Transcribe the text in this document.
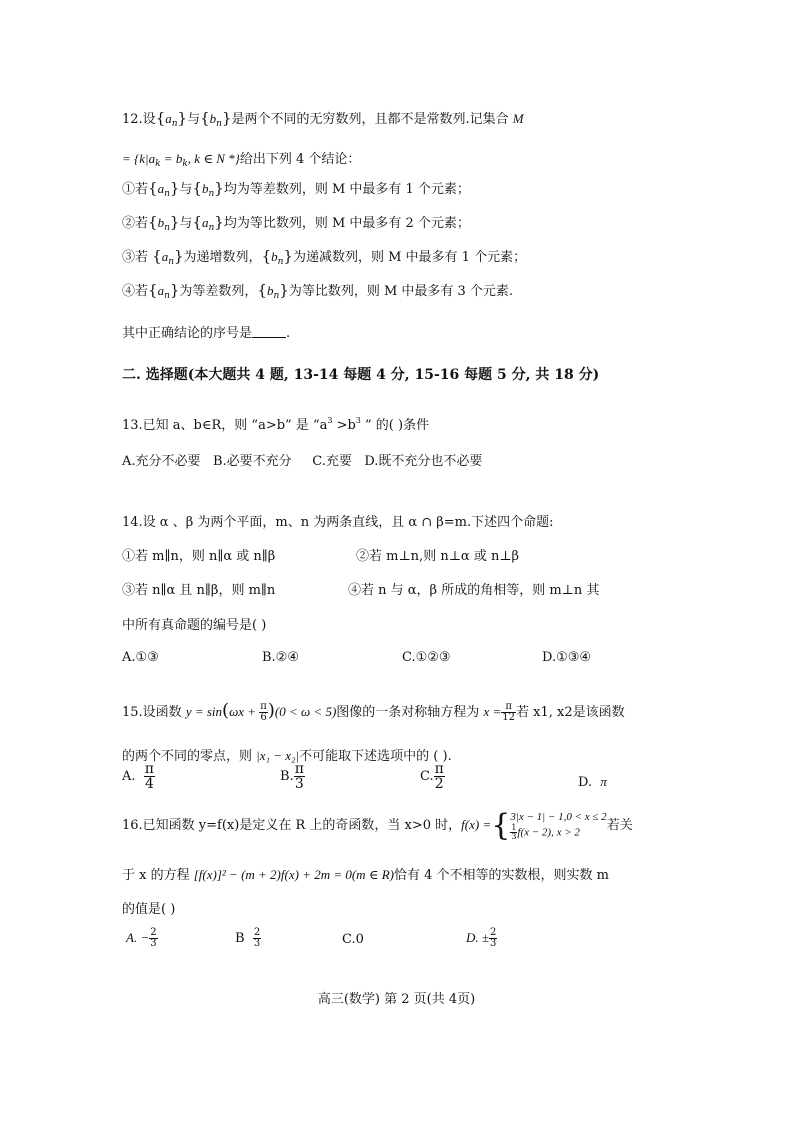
12.设$\{a_n\}$与$\{b_n\}$是两个不同的无穷数列，且都不是常数列.记集合 M
= {$k|a_k = b_k$, k ∈ N *}给出下列 4 个结论：
①若$\{a_n\}$与$\{b_n\}$均为等差数列，则 M 中最多有 1 个元素；
②若$\{b_n\}$与$\{a_n\}$均为等比数列，则 M 中最多有 2 个元素；
③若 $\{a_n\}$为递增数列，$\{b_n\}$为递减数列，则 M 中最多有 1 个元素；
④若$\{a_n\}$为等差数列，$\{b_n\}$为等比数列，则 M 中最多有 3 个元素.
其中正确结论的序号是	.
二. 选择题(本大题共 4 题, 13-14 每题 4 分, 15-16 每题 5 分, 共 18 分)
13.已知 a、b∈R，则 “a>b” 是 “$a^3 >b^3$ ” 的( )条件
A.充分不必要 B.必要不充分 C.充要 D.既不充分也不必要
14.设 α 、β 为两个平面，m、n 为两条直线，且 α ∩ β=m.下述四个命题:
①若 m∥n，则 n∥α 或 n∥β	②若 m⊥n,则 n⊥α 或 n⊥β
③若 n∥α 且 n∥β，则 m∥n	④若 n 与 α，β 所成的角相等，则 m⊥n 其
中所有真命题的编号是( )
A.①③	B.②④	C.①②③	D.①③④
15.设函数 $y = \sin(\omega x + \frac{\pi}{6} )(0 < \omega < 5)$图像的一条对称轴方程为 $x = \frac{\pi}{12}$ 若 x1, x2是该函数
的两个不同的零点，则 |x₁ − x₂|不可能取下述选项中的 ( ).
A. $\frac{\pi}{4}$	B. $\frac{\pi}{3}$	C. $\frac{\pi}{2}$	D. π
16.已知函数 y=f(x)是定义在 R 上的奇函数，当 x>0 时，f(x) ={ 3|x − 1| − 1,0 < x ≤ 2
$\frac{1}{3} f(x - 2)$, x > 2	若关
于 x 的方程 [f(x)]² − (m + 2)f(x) + 2m = 0(m ∈ R)恰有 4 个不相等的实数根，则实数 m
的值是( )
A. − $\frac{2}{3}$	B $\frac{2}{3}$	C.0	D. ± $\frac{2}{3}$
高三(数学) 第 2 页(共 4页)
